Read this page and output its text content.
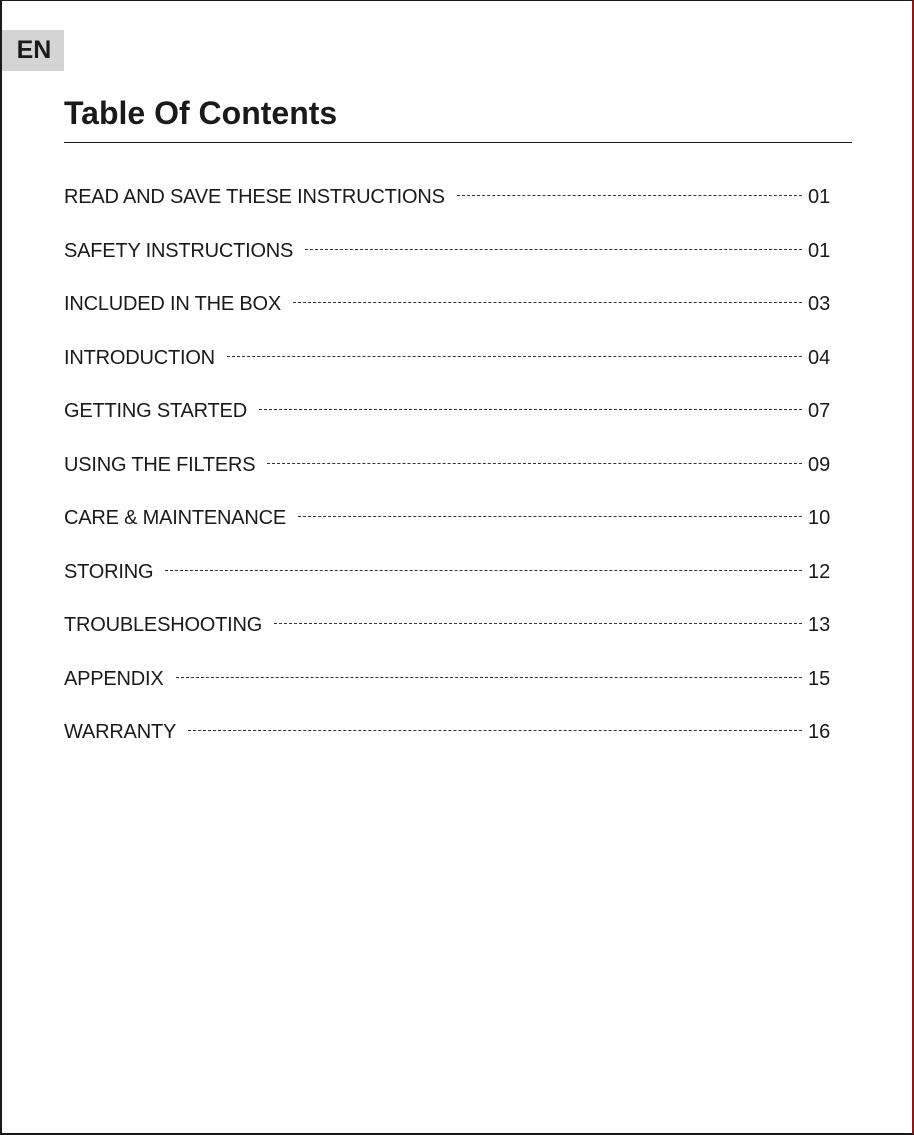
EN
Table Of Contents
READ AND SAVE THESE INSTRUCTIONS	01
SAFETY INSTRUCTIONS	01
INCLUDED IN THE BOX	03
INTRODUCTION	04
GETTING STARTED	07
USING THE FILTERS	09
CARE & MAINTENANCE	10
STORING	12
TROUBLESHOOTING	13
APPENDIX	15
WARRANTY	16
